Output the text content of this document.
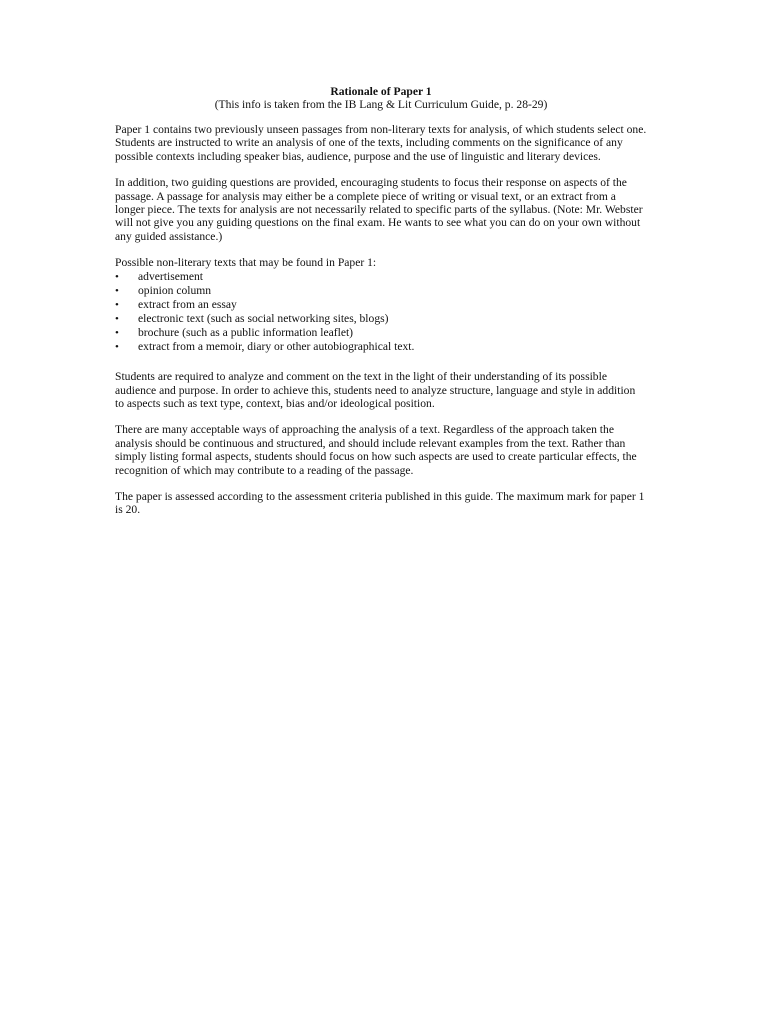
Rationale of Paper 1

(This info is taken from the IB Lang & Lit Curriculum Guide, p. 28-29)

Paper 1 contains two previously unseen passages from non-literary texts for analysis, of which students select one. Students are instructed to write an analysis of one of the texts, including comments on the significance of any possible contexts including speaker bias, audience, purpose and the use of linguistic and literary devices.

In addition, two guiding questions are provided, encouraging students to focus their response on aspects of the passage. A passage for analysis may either be a complete piece of writing or visual text, or an extract from a longer piece. The texts for analysis are not necessarily related to specific parts of the syllabus. (Note: Mr. Webster will not give you any guiding questions on the final exam. He wants to see what you can do on your own without any guided assistance.)

Possible non-literary texts that may be found in Paper 1:

• advertisement
• opinion column
• extract from an essay
• electronic text (such as social networking sites, blogs)
• brochure (such as a public information leaflet)
• extract from a memoir, diary or other autobiographical text.

Students are required to analyze and comment on the text in the light of their understanding of its possible audience and purpose. In order to achieve this, students need to analyze structure, language and style in addition to aspects such as text type, context, bias and/or ideological position.

There are many acceptable ways of approaching the analysis of a text. Regardless of the approach taken the analysis should be continuous and structured, and should include relevant examples from the text. Rather than simply listing formal aspects, students should focus on how such aspects are used to create particular effects, the recognition of which may contribute to a reading of the passage.

The paper is assessed according to the assessment criteria published in this guide. The maximum mark for paper 1 is 20.
